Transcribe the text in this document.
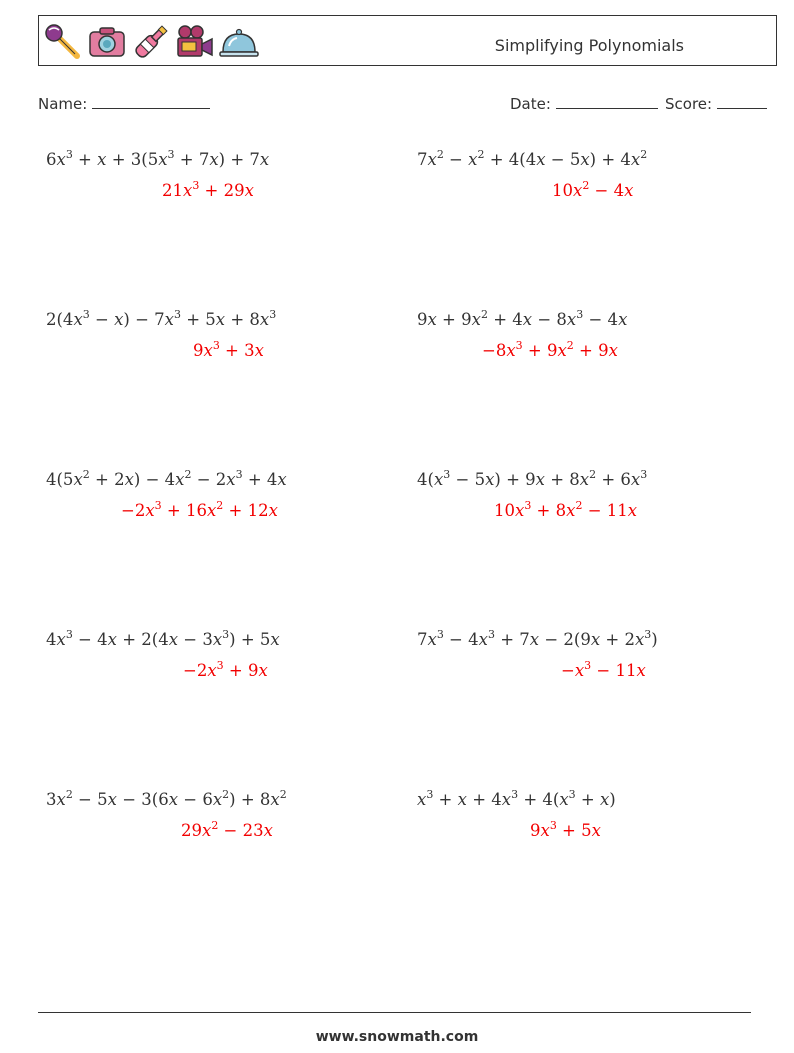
Simplifying Polynomials
Name:	Date:	Score:
$6x^3 + x + 3(5x^3 + 7x) + 7x$
$21x^3 + 29x$
$7x^2 - x^2 + 4(4x - 5x) + 4x^2$
$10x^2 - 4x$
$2(4x^3 - x) - 7x^3 + 5x + 8x^3$
$9x^3 + 3x$
$9x + 9x^2 + 4x - 8x^3 - 4x$
$-8x^3 + 9x^2 + 9x$
$4(5x^2 + 2x) - 4x^2 - 2x^3 + 4x$
$-2x^3 + 16x^2 + 12x$
$4(x^3 - 5x) + 9x + 8x^2 + 6x^3$
$10x^3 + 8x^2 - 11x$
$4x^3 - 4x + 2(4x - 3x^3) + 5x$
$-2x^3 + 9x$
$7x^3 - 4x^3 + 7x - 2(9x + 2x^3)$
$-x^3 - 11x$
$3x^2 - 5x - 3(6x - 6x^2) + 8x^2$
$29x^2 - 23x$
$x^3 + x + 4x^3 + 4(x^3 + x)$
$9x^3 + 5x$
www.snowmath.com
